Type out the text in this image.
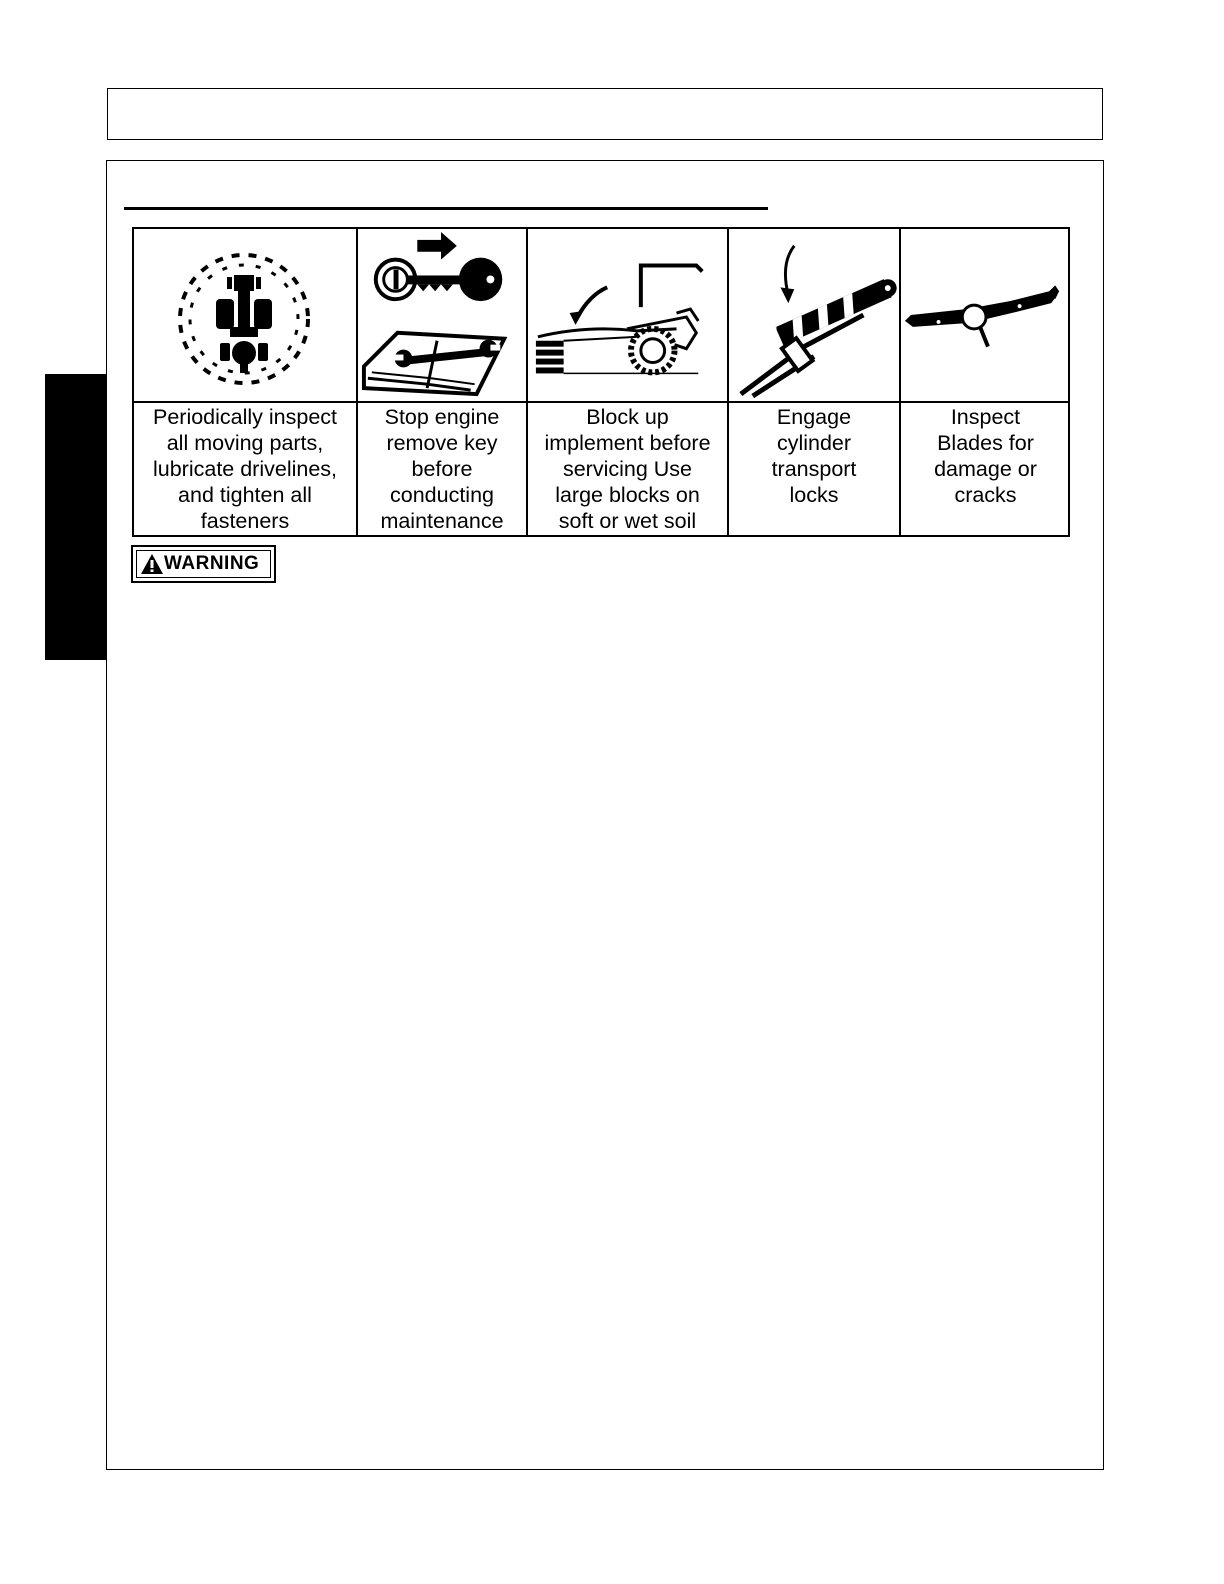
Periodically inspect
all moving parts,
lubricate drivelines,
and tighten all
fasteners
Stop engine
remove key
before
conducting
maintenance
Block up
implement before
servicing Use
large blocks on
soft or wet soil
Engage
cylinder
transport
locks
Inspect
Blades for
damage or
cracks
WARNING
